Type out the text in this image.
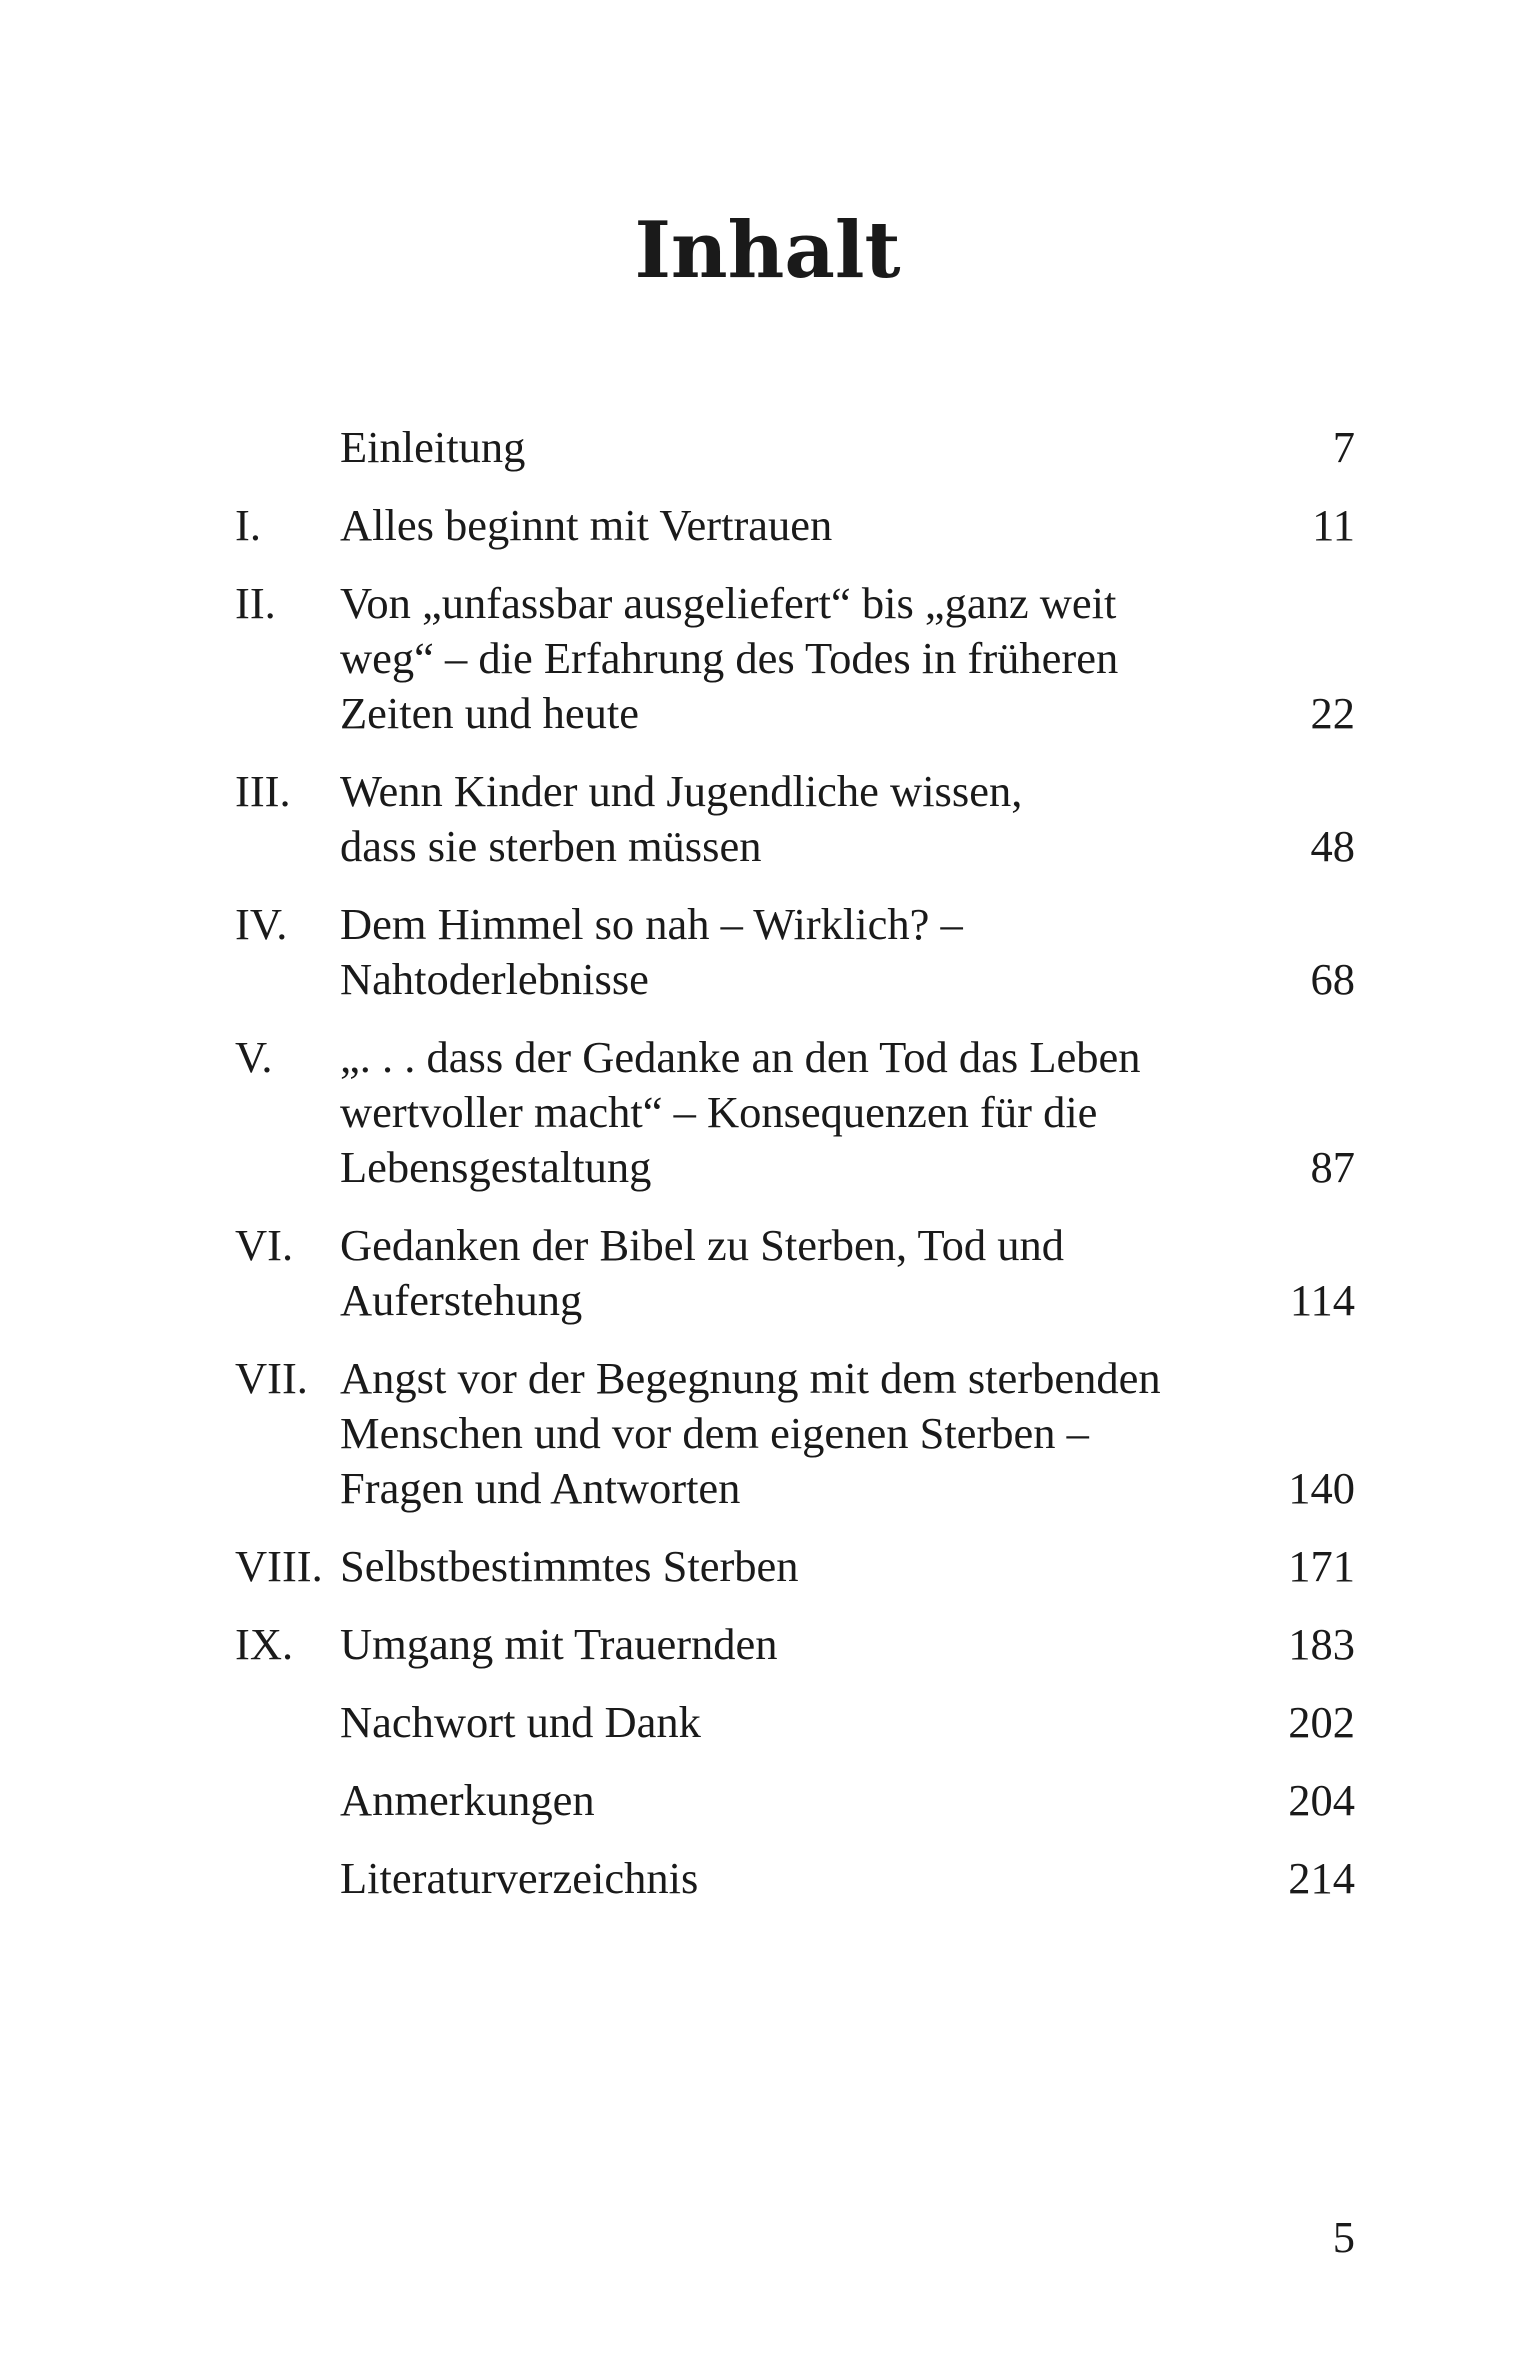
Inhalt
Einleitung	7
I.	Alles beginnt mit Vertrauen	11
II.	Von „unfassbar ausgeliefert“ bis „ganz weit
weg“ – die Erfahrung des Todes in früheren
Zeiten und heute	22
III.	Wenn Kinder und Jugendliche wissen,
dass sie sterben müssen	48
IV.	Dem Himmel so nah – Wirklich? –
Nahtoderlebnisse	68
V.	„. . . dass der Gedanke an den Tod das Leben
wertvoller macht“ – Konsequenzen für die
Lebensgestaltung	87
VI.	Gedanken der Bibel zu Sterben, Tod und
Auferstehung	114
VII. Angst vor der Begegnung mit dem sterbenden
Menschen und vor dem eigenen Sterben –
Fragen und Antworten	140
VIII. Selbstbestimmtes Sterben	171
IX.	Umgang mit Trauernden	183
Nachwort und Dank	202
Anmerkungen	204
Literaturverzeichnis	214
5
